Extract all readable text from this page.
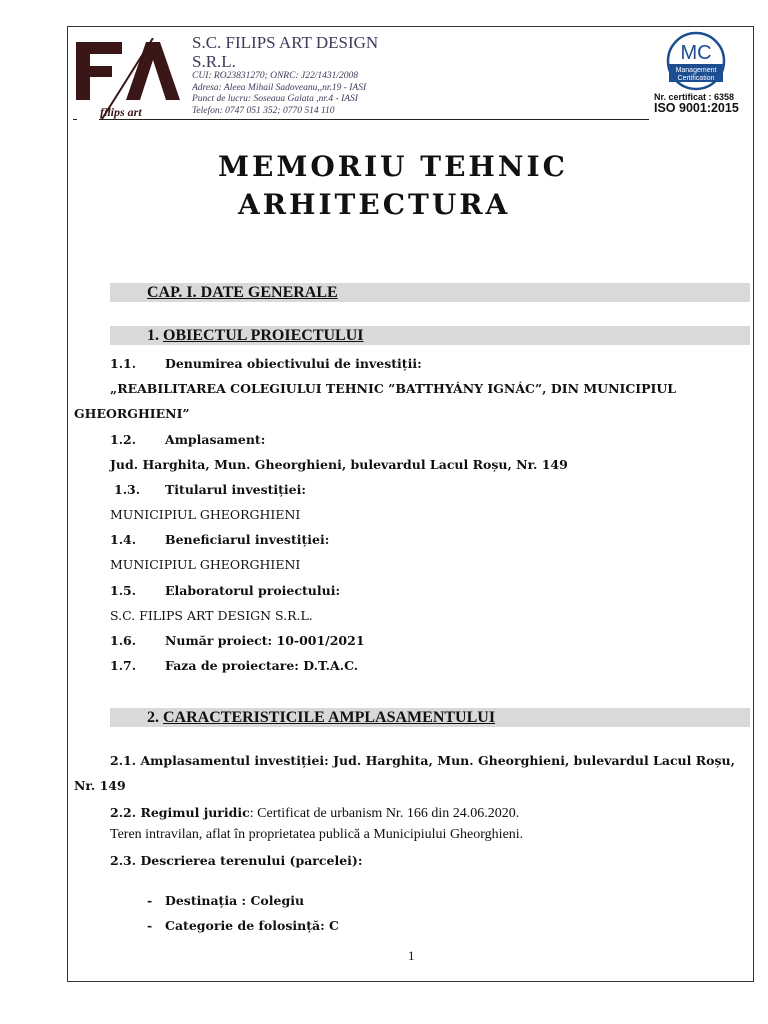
filips art
S.C. FILIPS ART DESIGN
S.R.L.
CUI: RO23831270; ONRC: J22/1431/2008
Adresa: Aleea Mihail Sadoveanu,,nr.19 - IASI
Punct de lucru: Soseaua Galata ,nr.4 - IASI
Telefon: 0747 051 352; 0770 514 110
MC
Management
Certification
Nr. certificat : 6358
ISO 9001:2015
MEMORIU TEHNIC
ARHITECTURA
CAP. I. DATE GENERALE
1. OBIECTUL PROIECTULUI
1.1. Denumirea obiectivului de investiții:
„REABILITAREA COLEGIULUI TEHNIC ”BATTHYÁNY IGNÁC”, DIN MUNICIPIUL
GHEORGHIENI”
1.2. Amplasament:
Jud. Harghita, Mun. Gheorghieni, bulevardul Lacul Roșu, Nr. 149
1.3. Titularul investiției:
MUNICIPIUL GHEORGHIENI
1.4. Beneficiarul investiției:
MUNICIPIUL GHEORGHIENI
1.5. Elaboratorul proiectului:
S.C. FILIPS ART DESIGN S.R.L.
1.6. Număr proiect: 10-001/2021
1.7. Faza de proiectare: D.T.A.C.
2. CARACTERISTICILE AMPLASAMENTULUI
2.1. Amplasamentul investiției: Jud. Harghita, Mun. Gheorghieni, bulevardul Lacul Roșu,
Nr. 149
2.2. Regimul juridic: Certificat de urbanism Nr. 166 din 24.06.2020.
Teren intravilan, aflat în proprietatea publică a Municipiului Gheorghieni.
2.3. Descrierea terenului (parcelei):
- Destinația : Colegiu
- Categorie de folosință: C
1
